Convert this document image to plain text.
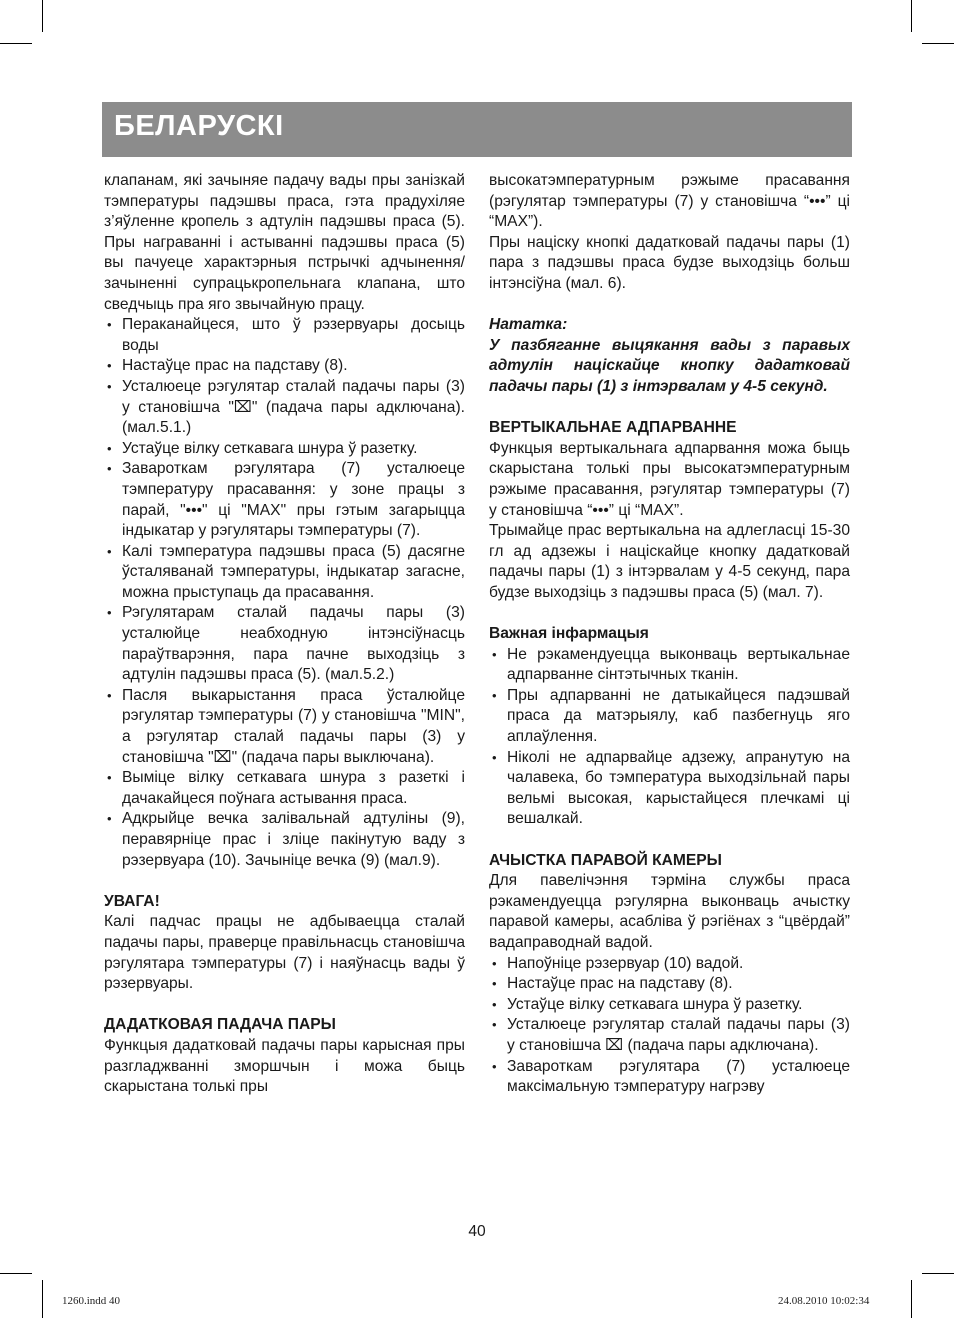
БЕЛАРУСКІ

клапанам, які зачыняе падачу вады пры занізкай тэмпературы падэшвы праса, гэта прадухіляе з’яўленне кропель з адтулін падэшвы праса (5). Пры награванні і астыванні падэшвы праса (5) вы пачуеце характэрныя пстрычкі адчынення/зачыненні супрацькропельнага клапана, што сведчыць пра яго звычайную працу.

• Пераканайцеся, што ў рэзервуары досыць воды
• Настаўце прас на падставу (8).
• Усталюеце рэгулятар сталай падачы пары (3) у становішча "⌧" (падача пары адключана). (мал.5.1.)
• Устаўце вілку сеткавага шнура ў разетку.
• Завароткам рэгулятара (7) усталюеце тэмпературу прасавання: у зоне працы з парай, "•••" ці "MAX" пры гэтым загарыцца індыкатар у рэгулятары тэмпературы (7).
• Калі тэмпература падэшвы праса (5) дасягне ўсталяванай тэмпературы, індыкатар загасне, можна прыступаць да прасавання.
• Рэгулятарам сталай падачы пары (3) усталюйце неабходную інтэнсіўнасць параўтварэння, пара пачне выходзіць з адтулін падэшвы праса (5). (мал.5.2.)
• Пасля выкарыстання праса ўсталюйце рэгулятар тэмпературы (7) у становішча "MIN", а рэгулятар сталай падачы пары (3) у становішча "⌧" (падача пары выключана).
• Выміце вілку сеткавага шнура з разеткі і дачакайцеся поўнага астывання праса.
• Адкрыйце вечка залівальнай адтуліны (9), перавярніце прас і зліце пакінутую ваду з рэзервуара (10). Зачыніце вечка (9) (мал.9).

УВАГА!

Калі падчас працы не адбываецца сталай падачы пары, праверце правільнасць становішча рэгулятара тэмпературы (7) і наяўнасць вады ў рэзервуары.

ДАДАТКОВАЯ ПАДАЧА ПАРЫ

Функцыя дадатковай падачы пары карысная пры разгладжванні зморшчын і можа быць скарыстана толькі пры

высокатэмпературным рэжыме прасавання (рэгулятар тэмпературы (7) у становішча “•••” ці “MAX”).

Пры націску кнопкі дадатковай падачы пары (1) пара з падэшвы праса будзе выходзіць больш інтэнсіўна (мал. 6).

Нататка:

У пазбяганне выцякання вады з паравых адтулін націскайце кнопку дадатковай падачы пары (1) з інтэрвалам у 4-5 секунд.

ВЕРТЫКАЛЬНАЕ АДПАРВАННЕ

Функцыя вертыкальнага адпарвання можа быць скарыстана толькі пры высокатэмпературным рэжыме прасавання, рэгулятар тэмпературы (7) у становішча “•••” ці “MAX”.

Трымайце прас вертыкальна на адлегласці 15-30 гл ад адзежы і націскайце кнопку дадатковай падачы пары (1) з інтэрвалам у 4-5 секунд, пара будзе выходзіць з падэшвы праса (5) (мал. 7).

Важная інфармацыя

• Не рэкамендуецца выконваць вертыкальнае адпарванне сінтэтычных тканін.
• Пры адпарванні не датыкайцеся падэшвай праса да матэрыялу, каб пазбегнуць яго аплаўлення.
• Ніколі не адпарвайце адзежу, апранутую на чалавека, бо тэмпература выходзільнай пары вельмі высокая, карыстайцеся плечкамі ці вешалкай.

АЧЫСТКА ПАРАВОЙ КАМЕРЫ

Для павелічэння тэрміна службы праса рэкамендуецца рэгулярна выконваць ачыстку паравой камеры, асабліва ў рэгіёнах з “цвёрдай” вадаправоднай вадой.

• Напоўніце рэзервуар (10) вадой.
• Настаўце прас на падставу (8).
• Устаўце вілку сеткавага шнура ў разетку.
• Усталюеце рэгулятар сталай падачы пары (3) у становішча ⌧ (падача пары адключана).
• Завароткам рэгулятара (7) усталюеце максімальную тэмпературу нагрэву
40
1260.indd 40	24.08.2010 10:02:34
